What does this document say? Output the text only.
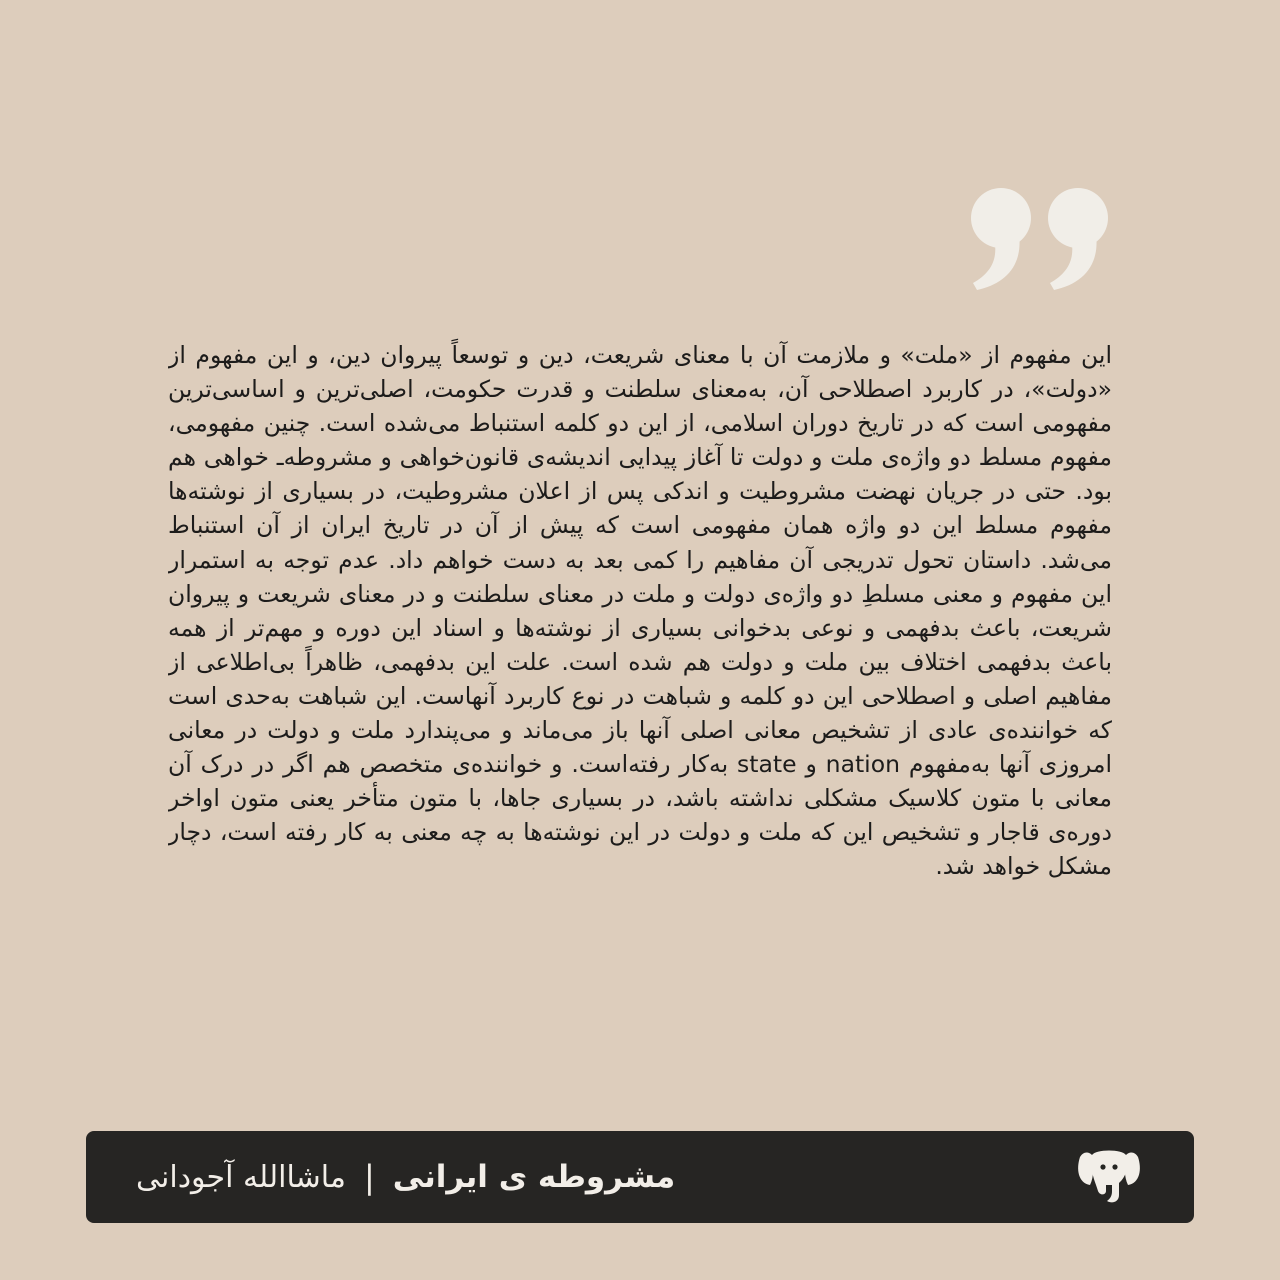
این مفهوم از «ملت» و ملازمت آن با معنای شریعت، دین و توسعاً پیروان دین، و این مفهوم از «دولت»، در کاربرد اصطلاحی آن، به‌معنای سلطنت و قدرت حکومت، اصلی‌ترین و اساسی‌ترین مفهومی است که در تاریخ دوران اسلامی، از این دو کلمه استنباط می‌شده است. چنین مفهومی، مفهوم مسلط دو واژه‌ی ملت و دولت تا آغاز پیدایی اندیشه‌ی قانون‌خواهی و مشروطه‌ـ خواهی هم بود. حتی در جریان نهضت مشروطیت و اندکی پس از اعلان مشروطیت، در بسیاری از نوشته‌ها مفهوم مسلط این دو واژه همان مفهومی است که پیش از آن در تاریخ ایران از آن استنباط می‌شد. داستان تحول تدریجی آن مفاهیم را کمی بعد به دست خواهم داد. عدم توجه به استمرار این مفهوم و معنی مسلطِ دو واژه‌ی دولت و ملت در معنای سلطنت و در معنای شریعت و پیروان شریعت، باعث بدفهمی و نوعی بدخوانی بسیاری از نوشته‌ها و اسناد این دوره و مهم‌تر از همه باعث بدفهمی اختلاف بین ملت و دولت هم شده است. علت این بدفهمی، ظاهراً بی‌اطلاعی از مفاهیم اصلی و اصطلاحی این دو کلمه و شباهت در نوع کاربرد آنهاست. این شباهت به‌حدی است که خواننده‌ی عادی از تشخیص معانی اصلی آنها باز می‌ماند و می‌پندارد ملت و دولت در معانی امروزی آنها به‌مفهوم nation و state به‌کار رفته‌است. و خواننده‌ی متخصص هم اگر در درک آن معانی با متون کلاسیک مشکلی نداشته باشد، در بسیاری جاها، با متون متأخر یعنی متون اواخر دوره‌ی قاجار و تشخیص این که ملت و دولت در این نوشته‌ها به چه معنی به کار رفته است، دچار مشکل خواهد شد.

مشروطه ی ایرانی
|
ماشاالله آجودانی
